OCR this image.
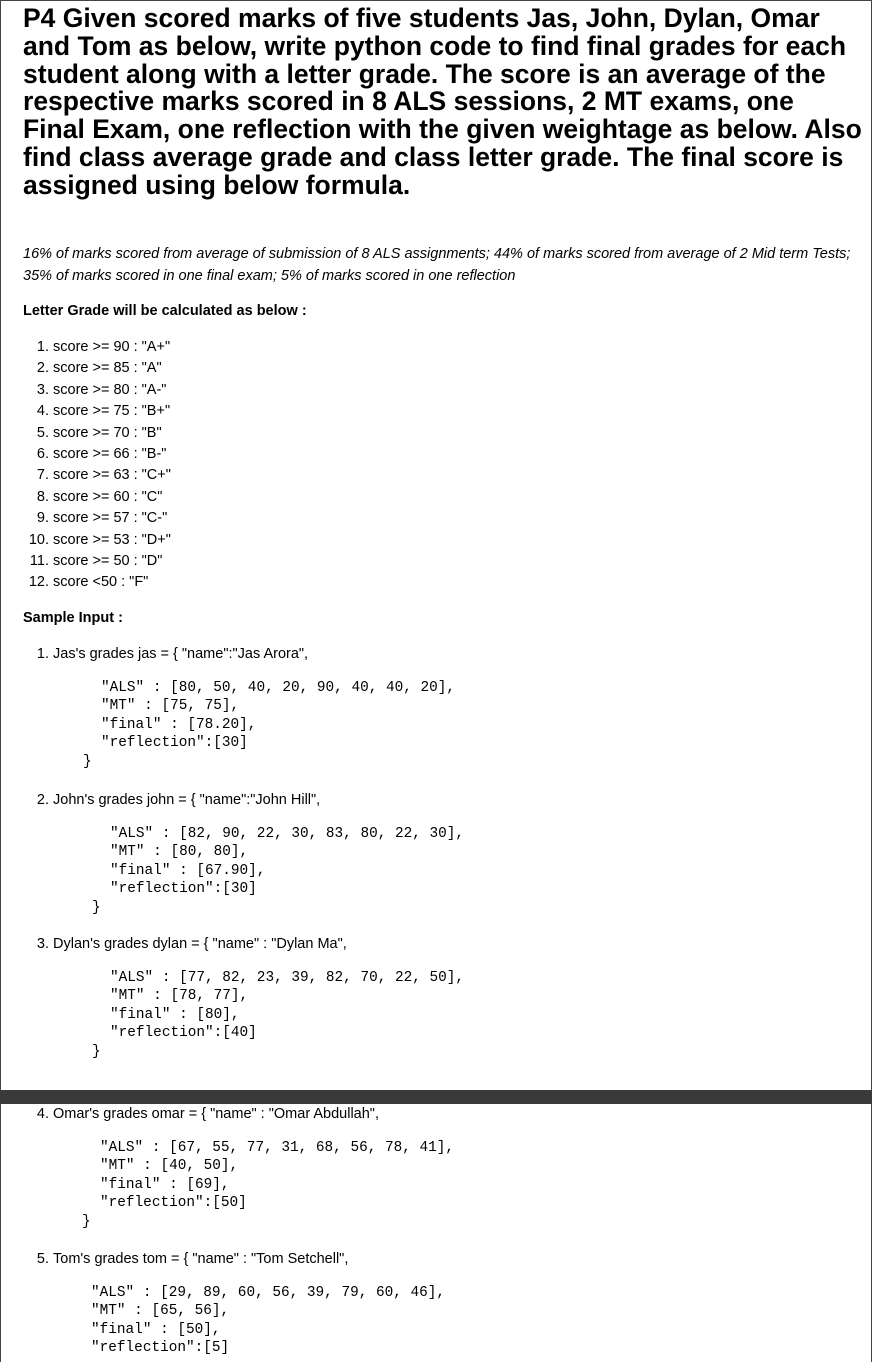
P4 Given scored marks of five students Jas, John, Dylan, Omar and Tom as below, write python code to find final grades for each student along with a letter grade. The score is an average of the respective marks scored in 8 ALS sessions, 2 MT exams, one Final Exam, one reflection with the given weightage as below. Also find class average grade and class letter grade. The final score is assigned using below formula.

16% of marks scored from average of submission of 8 ALS assignments; 44% of marks scored from average of 2 Mid term Tests; 35% of marks scored in one final exam; 5% of marks scored in one reflection

Letter Grade will be calculated as below :

1. score >= 90 : "A+"
2. score >= 85 : "A"
3. score >= 80 : "A-"
4. score >= 75 : "B+"
5. score >= 70 : "B"
6. score >= 66 : "B-"
7. score >= 63 : "C+"
8. score >= 60 : "C"
9. score >= 57 : "C-"
10. score >= 53 : "D+"
11. score >= 50 : "D"
12. score <50 : "F"

Sample Input :

1. Jas's grades jas = { "name":"Jas Arora",

"ALS" : [80, 50, 40, 20, 90, 40, 40, 20],
"MT" : [75, 75],
"final" : [78.20],
"reflection":[30]
}

2. John's grades john = { "name":"John Hill",

"ALS" : [82, 90, 22, 30, 83, 80, 22, 30],
"MT" : [80, 80],
"final" : [67.90],
"reflection":[30]
}

3. Dylan's grades dylan = { "name" : "Dylan Ma",

"ALS" : [77, 82, 23, 39, 82, 70, 22, 50],
"MT" : [78, 77],
"final" : [80],
"reflection":[40]
}

4. Omar's grades omar = { "name" : "Omar Abdullah",

"ALS" : [67, 55, 77, 31, 68, 56, 78, 41],
"MT" : [40, 50],
"final" : [69],
"reflection":[50]
}

5. Tom's grades tom = { "name" : "Tom Setchell",

"ALS" : [29, 89, 60, 56, 39, 79, 60, 46],
"MT" : [65, 56],
"final" : [50],
"reflection":[5]
